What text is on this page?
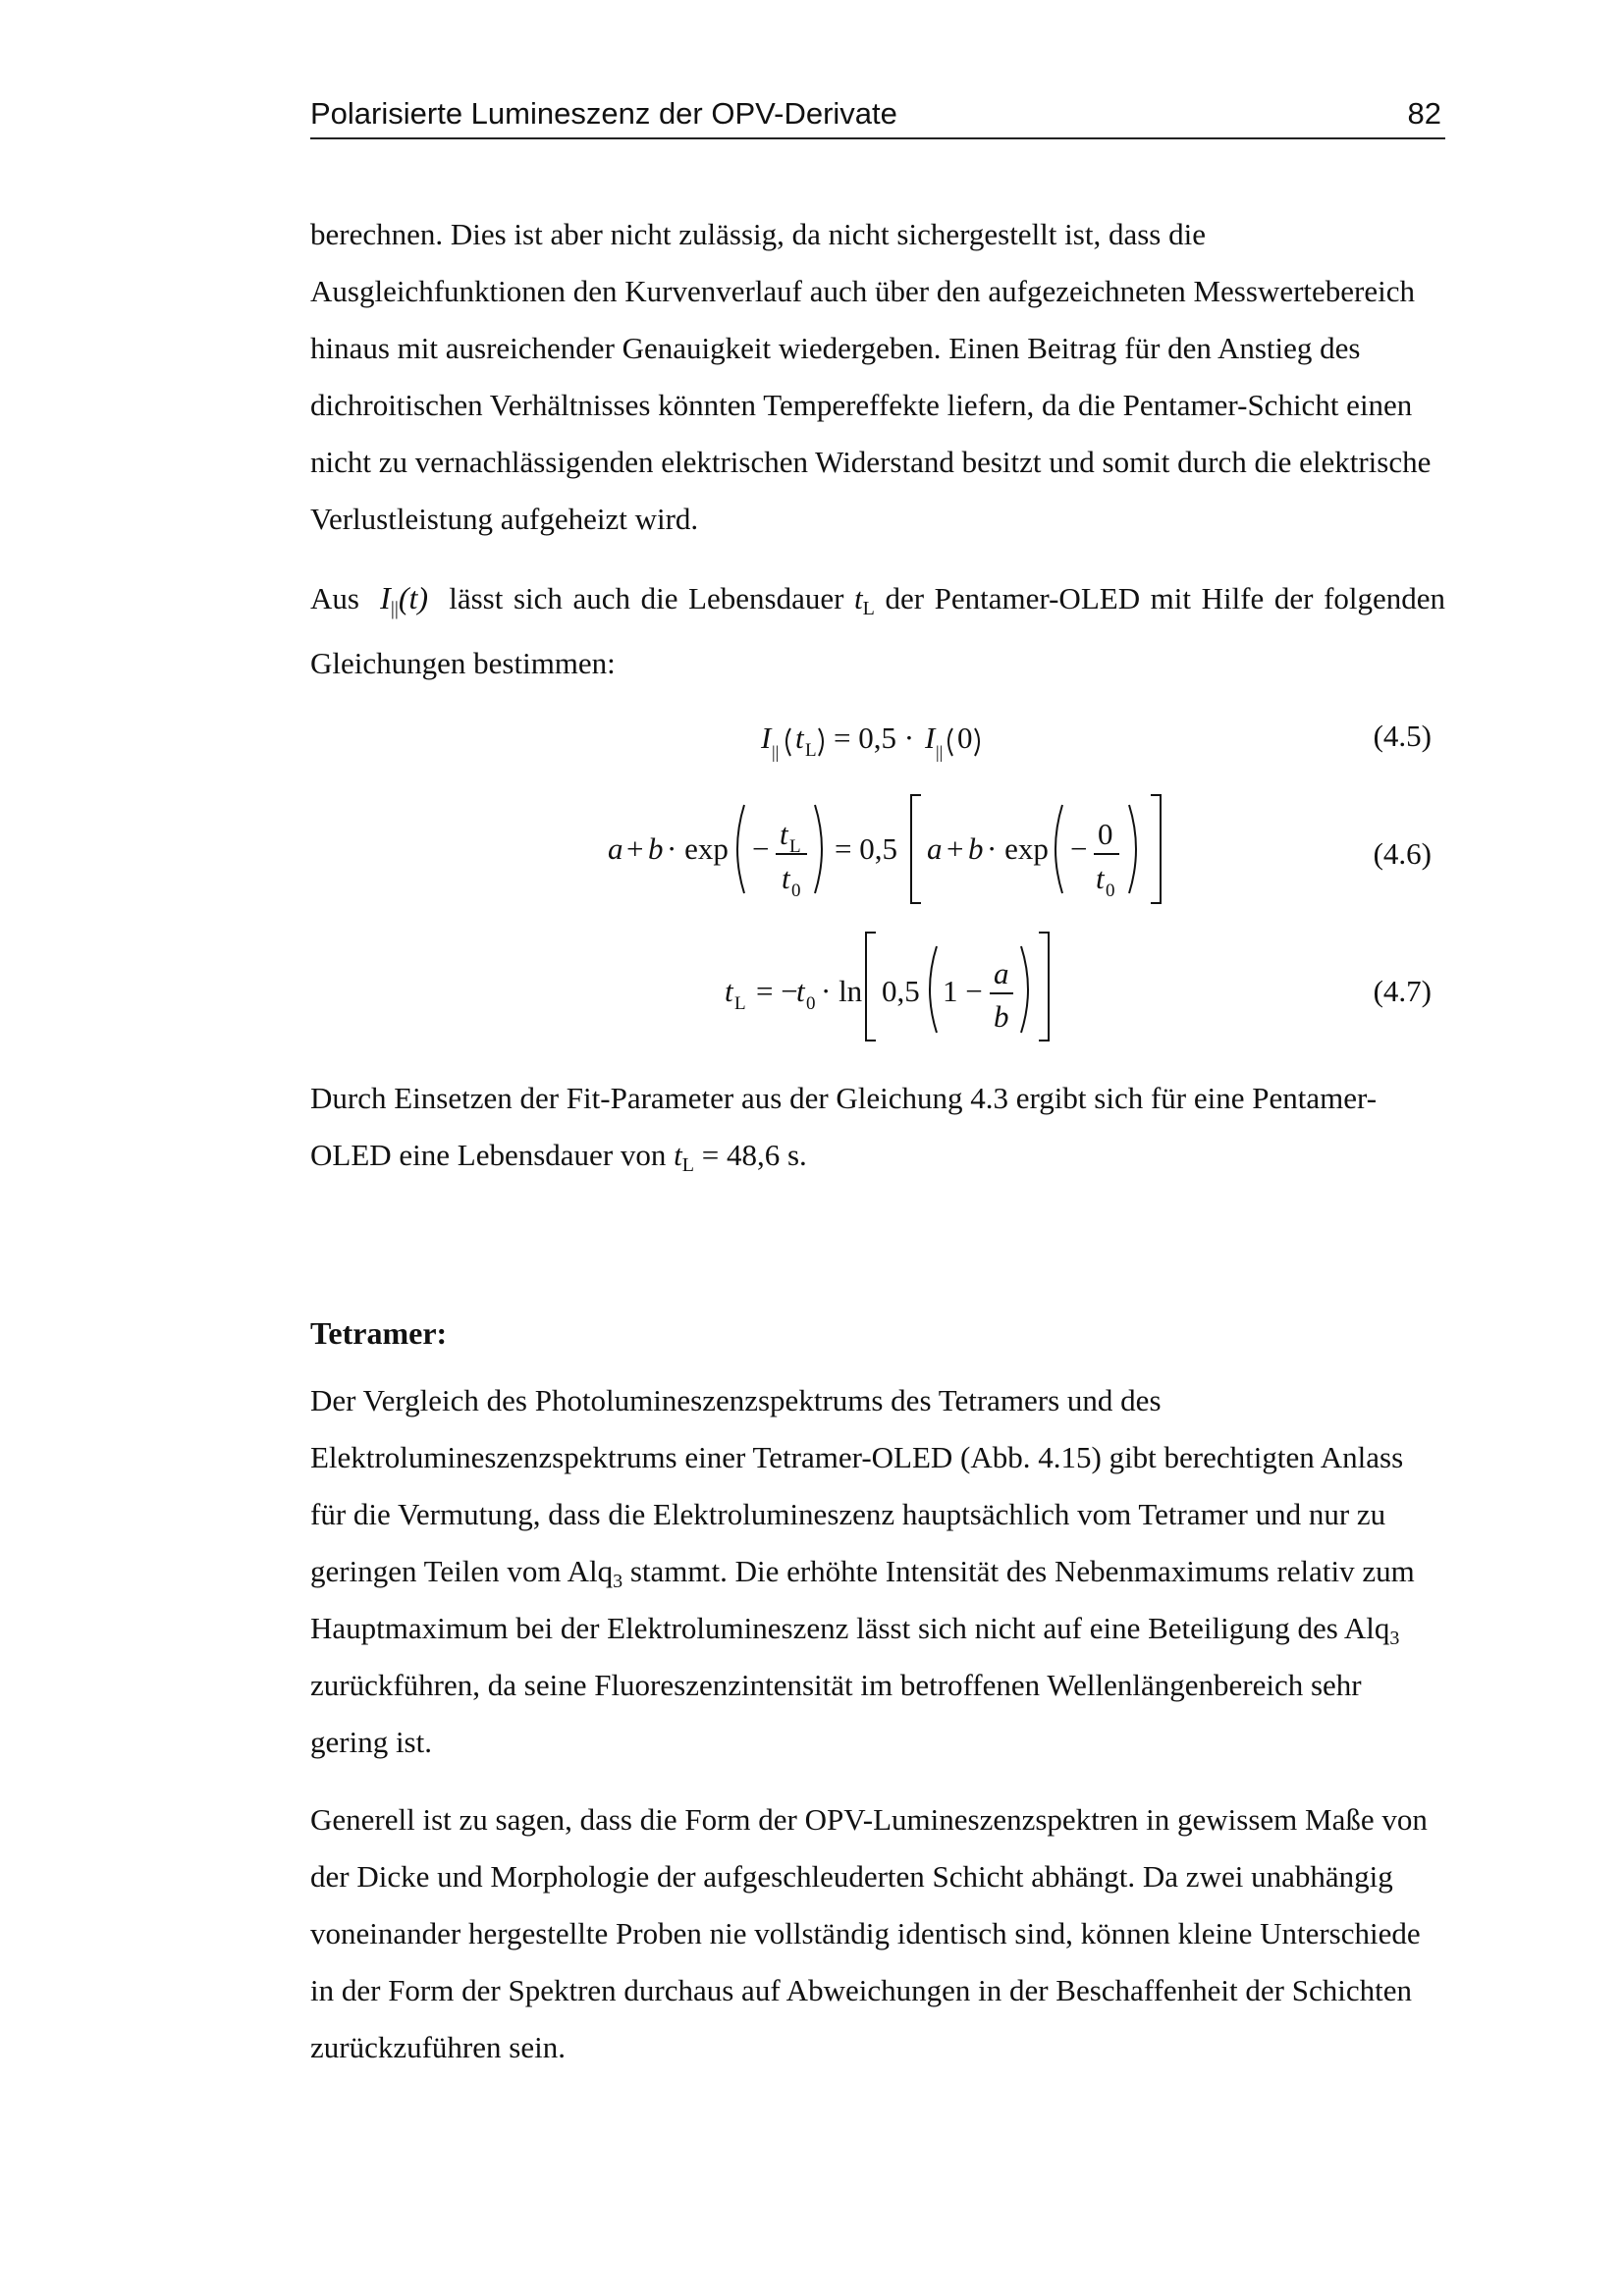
Polarisierte Lumineszenz der OPV-Derivate	82

berechnen. Dies ist aber nicht zulässig, da nicht sichergestellt ist, dass die Ausgleichfunktionen den Kurvenverlauf auch über den aufgezeichneten Messwertebereich hinaus mit ausreichender Genauigkeit wiedergeben. Einen Beitrag für den Anstieg des dichroitischen Verhältnisses könnten Tempereffekte liefern, da die Pentamer-Schicht einen nicht zu vernachlässigenden elektrischen Widerstand besitzt und somit durch die elektrische Verlustleistung aufgeheizt wird.

Aus $I_{||}(t)$ lässt sich auch die Lebensdauer $t_L$ der Pentamer-OLED mit Hilfe der folgenden Gleichungen bestimmen:

I || t L = 0,5 · I || 0	(4.5)
a + b · exp − t L
t 0
= 0,5 a + b · exp − 0
t 0
(4.6)
t L = −
t 0 · ln 0,5 1 −
a
b
(4.7)

Durch Einsetzen der Fit-Parameter aus der Gleichung 4.3 ergibt sich für eine Pentamer-OLED eine Lebensdauer von $t_L = 48,6$ s.

Tetramer:

Der Vergleich des Photolumineszenzspektrums des Tetramers und des Elektrolumineszenzspektrums einer Tetramer-OLED (Abb. 4.15) gibt berechtigten Anlass für die Vermutung, dass die Elektrolumineszenz hauptsächlich vom Tetramer und nur zu geringen Teilen vom Alq$_3$ stammt. Die erhöhte Intensität des Nebenmaximums relativ zum Hauptmaximum bei der Elektrolumineszenz lässt sich nicht auf eine Beteiligung des Alq$_3$ zurückführen, da seine Fluoreszenzintensität im betroffenen Wellenlängenbereich sehr gering ist.

Generell ist zu sagen, dass die Form der OPV-Lumineszenzspektren in gewissem Maße von der Dicke und Morphologie der aufgeschleuderten Schicht abhängt. Da zwei unabhängig voneinander hergestellte Proben nie vollständig identisch sind, können kleine Unterschiede in der Form der Spektren durchaus auf Abweichungen in der Beschaffenheit der Schichten zurückzuführen sein.
